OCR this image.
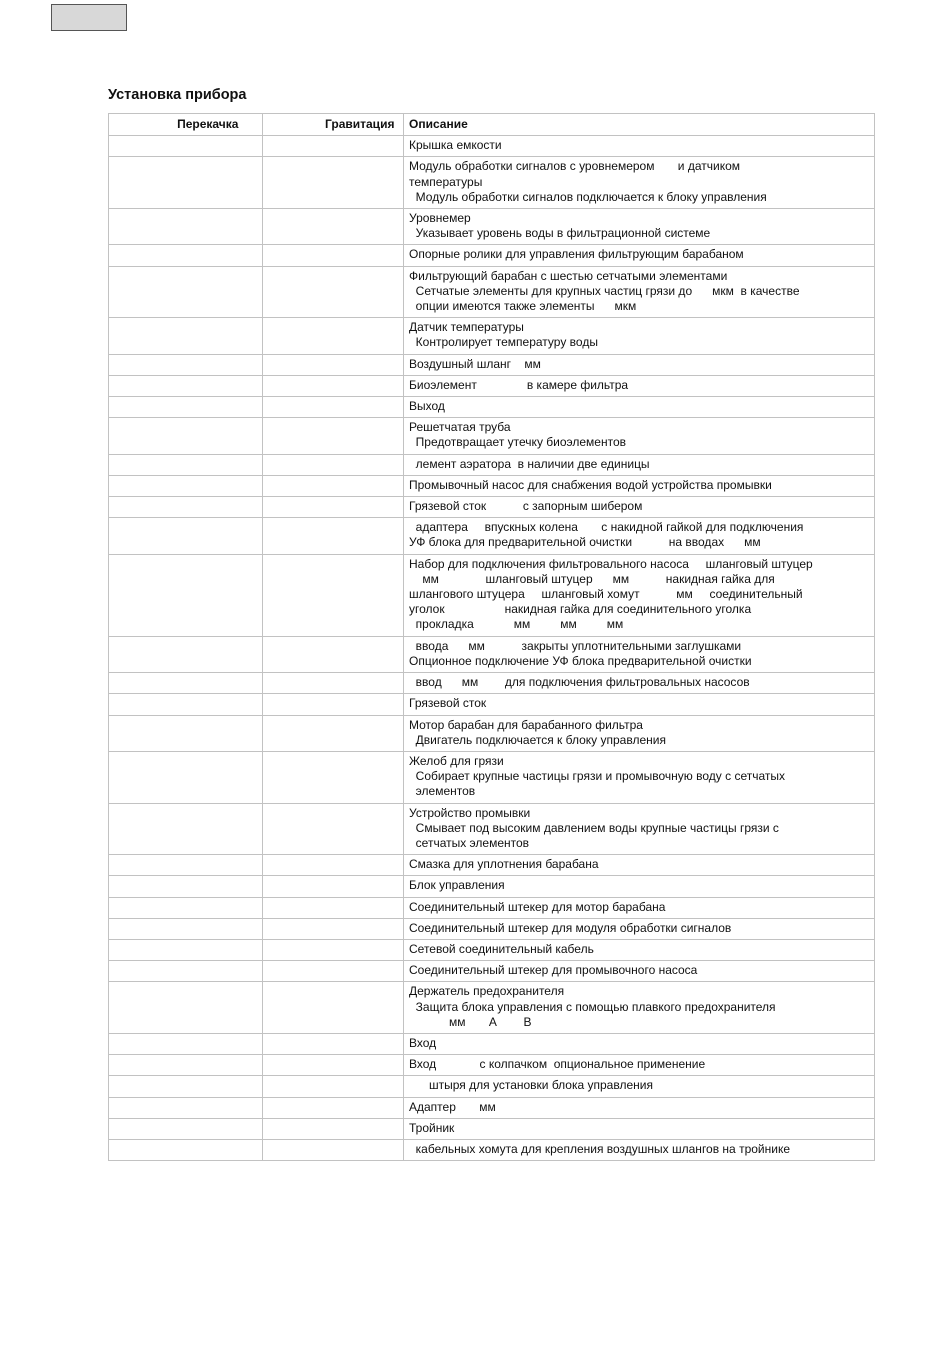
Установка прибора
	Перекачка		Гравитация	Описание

				Крышка емкости

				Модуль обработки сигналов с уровнемером       и датчиком
температуры
Модуль обработки сигналов подключается к блоку управления

				Уровнемер
Указывает уровень воды в фильтрационной системе

				Опорные ролики для управления фильтрующим барабаном

				Фильтрующий барабан с шестью сетчатыми элементами
Сетчатые элементы для крупных частиц грязи до      мкм  в качестве
опции имеются также элементы      мкм

				Датчик температуры
Контролирует температуру воды

				Воздушный шланг    мм

				Биоэлемент               в камере фильтра

				Выход

				Решетчатая труба
Предотвращает утечку биоэлементов

				лемент аэратора  в наличии две единицы

				Промывочный насос для снабжения водой устройства промывки

				Грязевой сток           с запорным шибером

				адаптера     впускных колена       с накидной гайкой для подключения
УФ блока для предварительной очистки           на вводах      мм

				Набор для подключения фильтровального насоса     шланговый штуцер
мм              шланговый штуцер      мм           накидная гайка для
шлангового штуцера     шланговый хомут           мм     соединительный
уголок                  накидная гайка для соединительного уголка
прокладка            мм         мм         мм

				ввода      мм           закрыты уплотнительными заглушками
Опционное подключение УФ блока предварительной очистки

				ввод      мм        для подключения фильтровальных насосов

				Грязевой сток

				Мотор барабан для барабанного фильтра
Двигатель подключается к блоку управления

				Желоб для грязи
Собирает крупные частицы грязи и промывочную воду с сетчатых
элементов

				Устройство промывки
Смывает под высоким давлением воды крупные частицы грязи с
сетчатых элементов

				Смазка для уплотнения барабана

				Блок управления

				Соединительный штекер для мотор барабана

				Соединительный штекер для модуля обработки сигналов

				Сетевой соединительный кабель

				Соединительный штекер для промывочного насоса

				Держатель предохранителя
Защита блока управления с помощью плавкого предохранителя
мм       А        В

				Вход

				Вход             с колпачком  опциональное применение

				штыря для установки блока управления

				Адаптер       мм

				Тройник

				кабельных хомута для крепления воздушных шлангов на тройнике
